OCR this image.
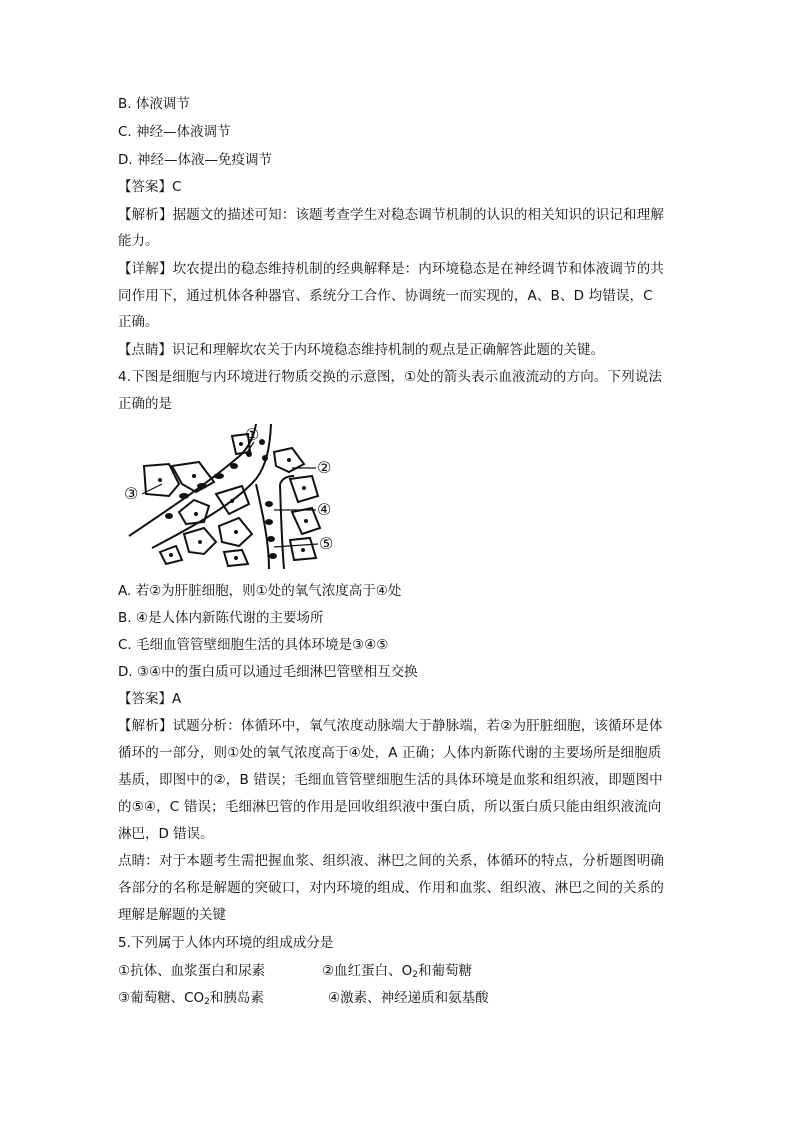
B. 体液调节
C. 神经—体液调节
D. 神经—体液—免疫调节
【答案】C
【解析】据题文的描述可知：该题考查学生对稳态调节机制的认识的相关知识的识记和理解
能力。
【详解】坎农提出的稳态维持机制的经典解释是：内环境稳态是在神经调节和体液调节的共
同作用下，通过机体各种器官、系统分工合作、协调统一而实现的，A、B、D 均错误，C
正确。
【点睛】识记和理解坎农关于内环境稳态维持机制的观点是正确解答此题的关键。
4.下图是细胞与内环境进行物质交换的示意图，①处的箭头表示血液流动的方向。下列说法
正确的是
①
②
③
④
⑤
A. 若②为肝脏细胞，则①处的氧气浓度高于④处
B. ④是人体内新陈代谢的主要场所
C. 毛细血管管壁细胞生活的具体环境是③④⑤
D. ③④中的蛋白质可以通过毛细淋巴管壁相互交换
【答案】A
【解析】试题分析：体循环中，氧气浓度动脉端大于静脉端，若②为肝脏细胞，该循环是体
循环的一部分，则①处的氧气浓度高于④处，A 正确；人体内新陈代谢的主要场所是细胞质
基质，即图中的②，B 错误；毛细血管管壁细胞生活的具体环境是血浆和组织液，即题图中
的⑤④，C 错误；毛细淋巴管的作用是回收组织液中蛋白质，所以蛋白质只能由组织液流向
淋巴，D 错误。
点睛：对于本题考生需把握血浆、组织液、淋巴之间的关系，体循环的特点，分析题图明确
各部分的名称是解题的突破口，对内环境的组成、作用和血浆、组织液、淋巴之间的关系的
理解是解题的关键
5.下列属于人体内环境的组成成分是
①抗体、血浆蛋白和尿素	②血红蛋白、$O_2$和葡萄糖
③葡萄糖、$CO_2$和胰岛素	④激素、神经递质和氨基酸
